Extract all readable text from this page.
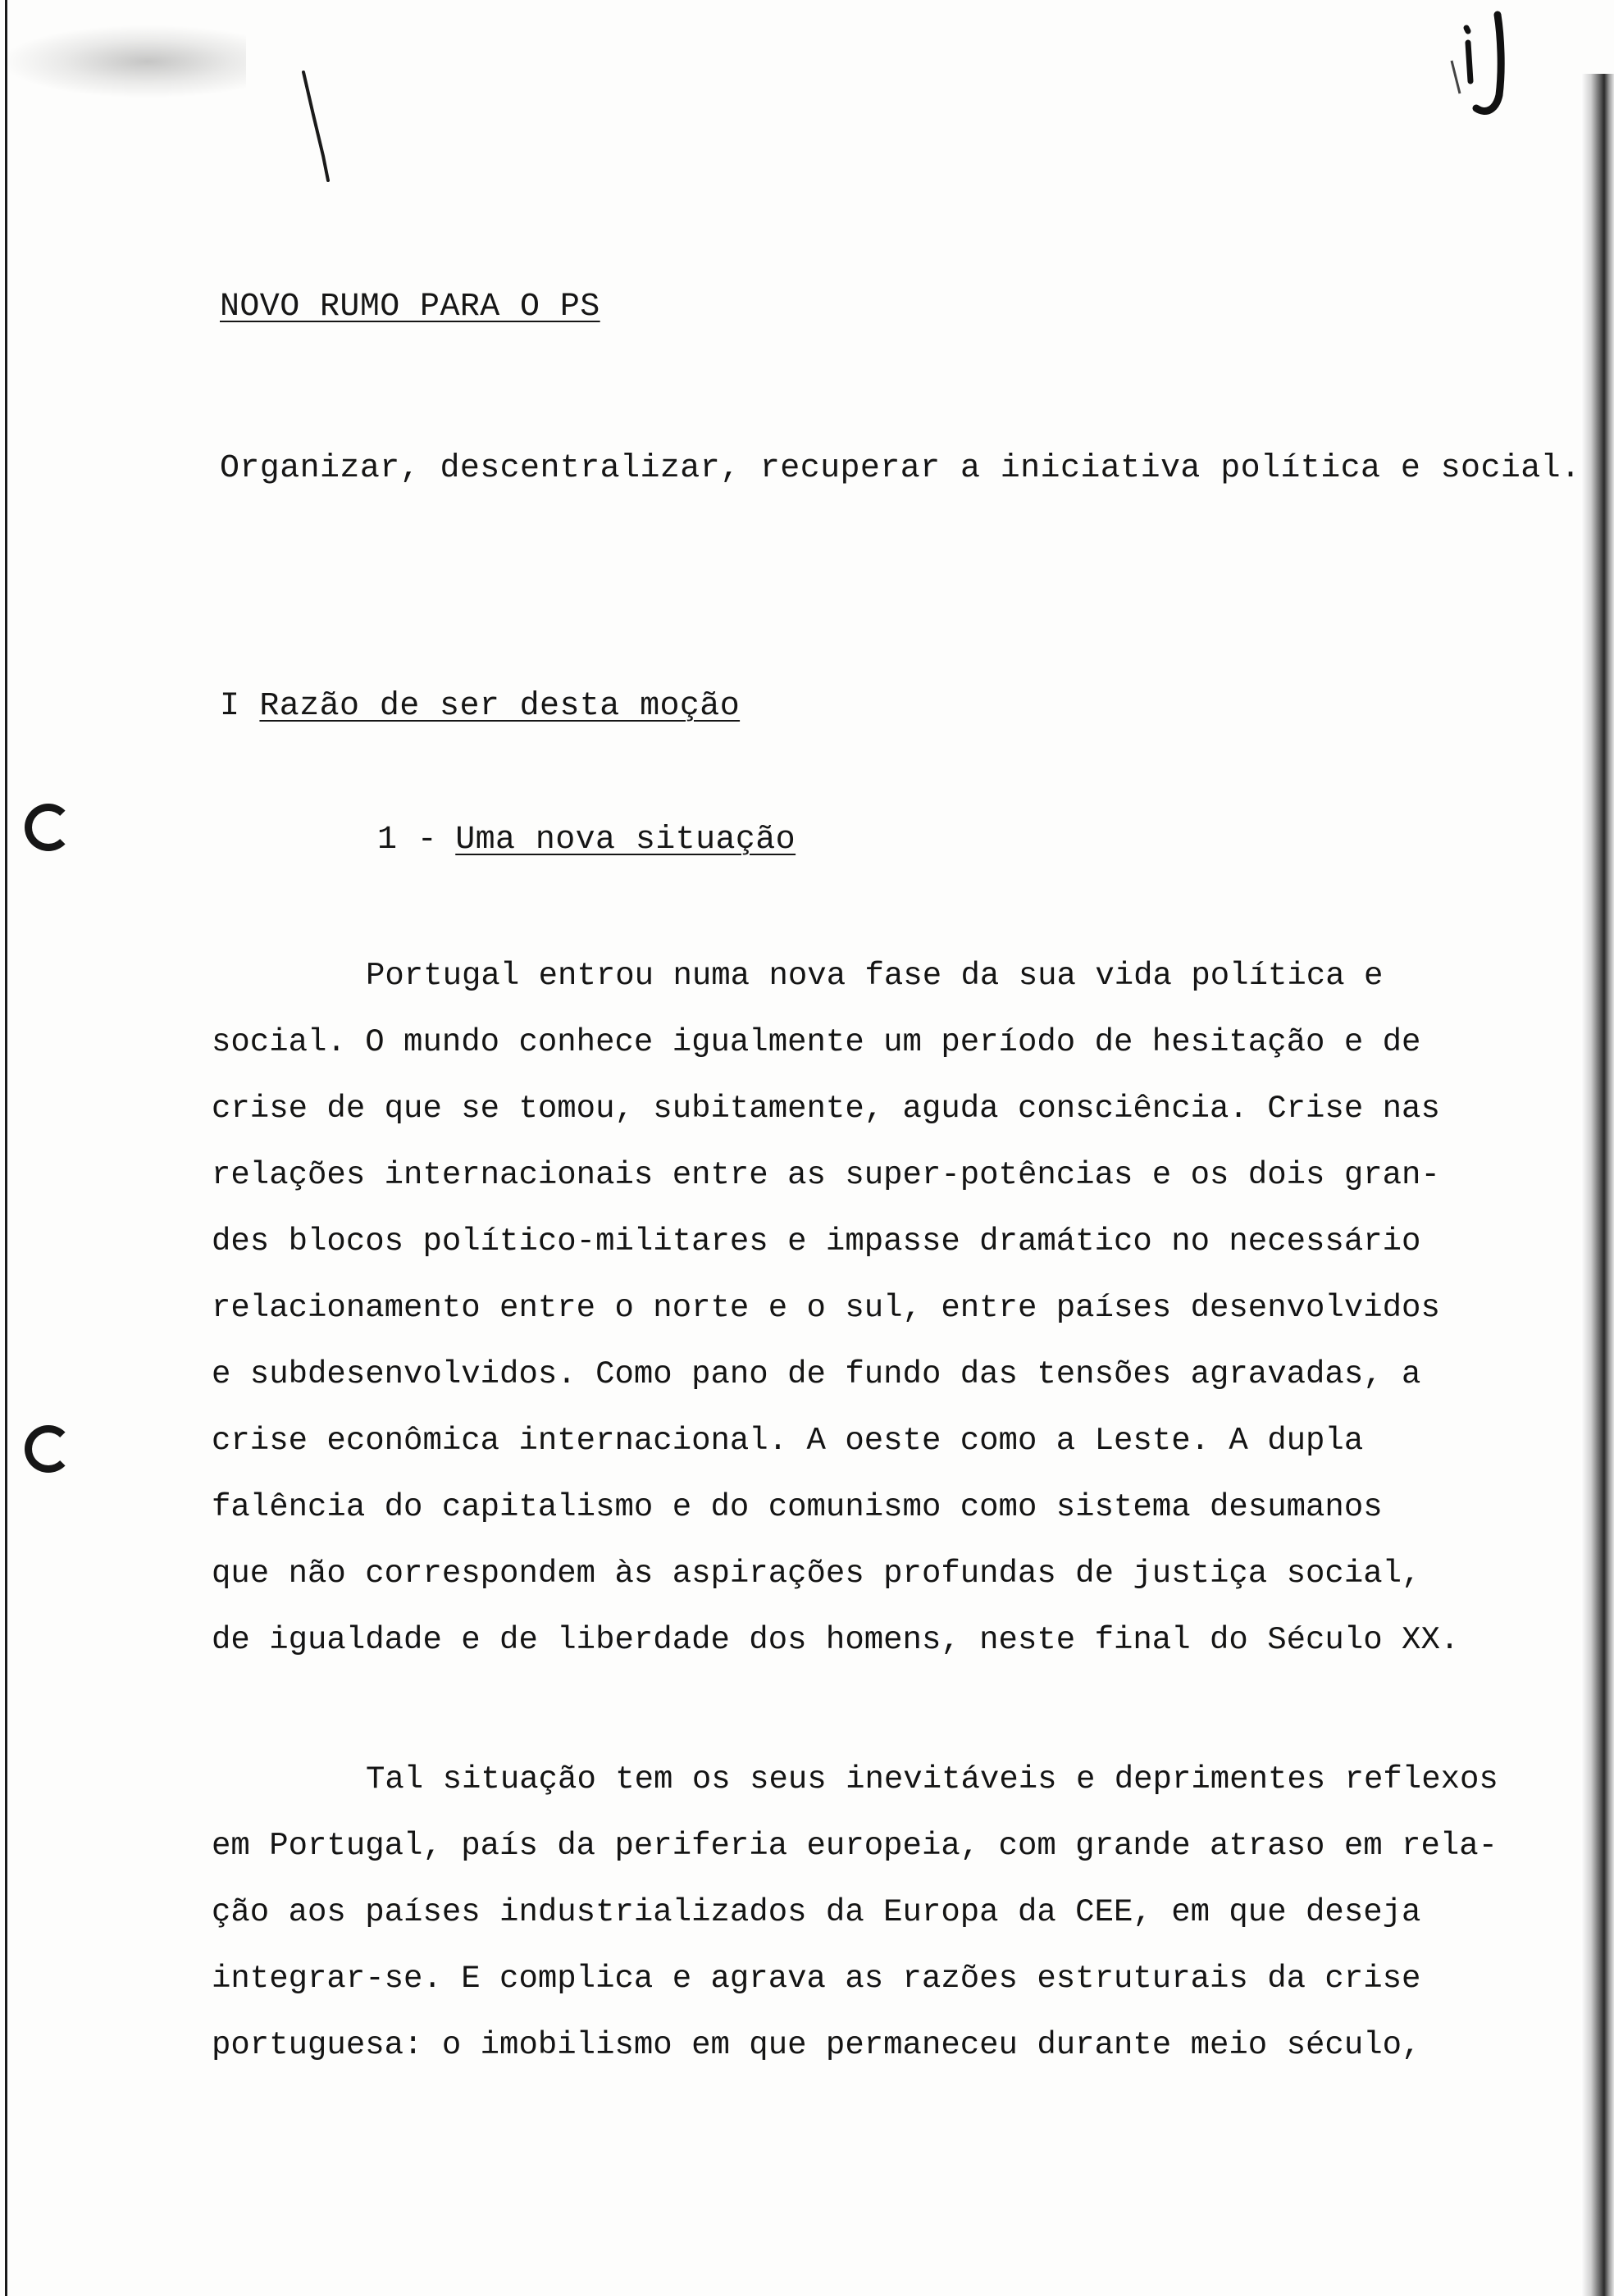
NOVO RUMO PARA O PS
Organizar, descentralizar, recuperar a iniciativa política e social.
I Razão de ser desta moção
1 - Uma nova situação
Portugal entrou numa nova fase da sua vida política e
social. O mundo conhece igualmente um período de hesitação e de
crise de que se tomou, subitamente, aguda consciência. Crise nas
relações internacionais entre as super-potências e os dois gran-
des blocos político-militares e impasse dramático no necessário
relacionamento entre o norte e o sul, entre países desenvolvidos
e subdesenvolvidos. Como pano de fundo das tensões agravadas, a
crise econômica internacional. A oeste como a Leste. A dupla
falência do capitalismo e do comunismo como sistema desumanos
que não correspondem às aspirações profundas de justiça social,
de igualdade e de liberdade dos homens, neste final do Século XX.
Tal situação tem os seus inevitáveis e deprimentes reflexos
em Portugal, país da periferia europeia, com grande atraso em rela-
ção aos países industrializados da Europa da CEE, em que deseja
integrar-se. E complica e agrava as razões estruturais da crise
portuguesa: o imobilismo em que permaneceu durante meio século,
